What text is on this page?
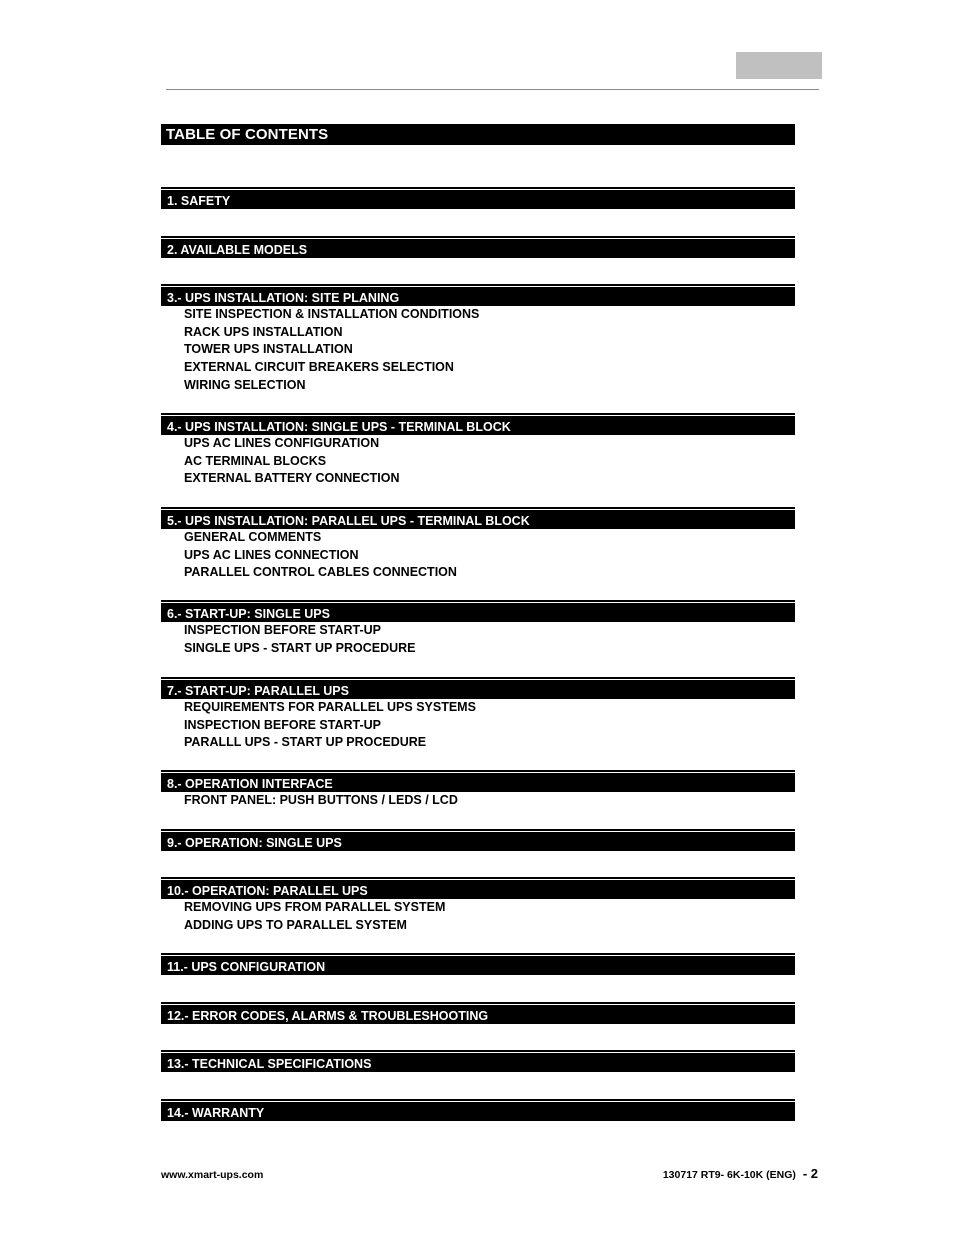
TABLE OF CONTENTS
1. SAFETY
2. AVAILABLE MODELS
3.- UPS INSTALLATION: SITE PLANING
SITE INSPECTION & INSTALLATION CONDITIONS
RACK UPS INSTALLATION
TOWER UPS INSTALLATION
EXTERNAL CIRCUIT BREAKERS SELECTION
WIRING SELECTION
4.- UPS INSTALLATION: SINGLE UPS - TERMINAL BLOCK
UPS AC LINES CONFIGURATION
AC TERMINAL BLOCKS
EXTERNAL BATTERY CONNECTION
5.- UPS INSTALLATION: PARALLEL UPS - TERMINAL BLOCK
GENERAL COMMENTS
UPS AC LINES CONNECTION
PARALLEL CONTROL CABLES CONNECTION
6.- START-UP: SINGLE UPS
INSPECTION BEFORE START-UP
SINGLE UPS - START UP PROCEDURE
7.- START-UP: PARALLEL UPS
REQUIREMENTS FOR PARALLEL UPS SYSTEMS
INSPECTION BEFORE START-UP
PARALLL UPS - START UP PROCEDURE
8.- OPERATION INTERFACE
FRONT PANEL: PUSH BUTTONS / LEDS / LCD
9.- OPERATION: SINGLE UPS
10.- OPERATION: PARALLEL UPS
REMOVING UPS FROM PARALLEL SYSTEM
ADDING UPS TO PARALLEL SYSTEM
11.- UPS CONFIGURATION
12.- ERROR CODES, ALARMS & TROUBLESHOOTING
13.- TECHNICAL SPECIFICATIONS
14.- WARRANTY
www.xmart-ups.com	130717 RT9- 6K-10K (ENG) - 2
